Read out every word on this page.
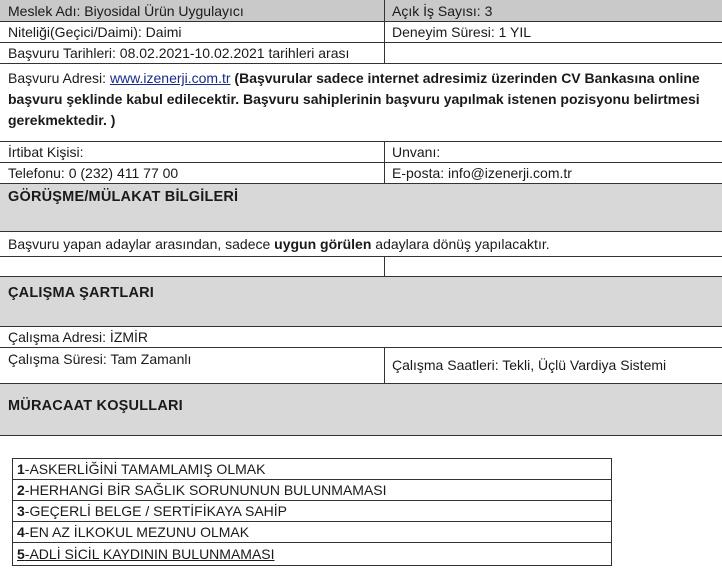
Meslek Adı: Biyosidal Ürün Uygulayıcı	Açık İş Sayısı: 3
Niteliği(Geçici/Daimi): Daimi	Deneyim Süresi: 1 YIL
Başvuru Tarihleri: 08.02.2021-10.02.2021 tarihleri arası
Başvuru Adresi: www.izenerji.com.tr (Başvurular sadece internet adresimiz üzerinden CV Bankasına online başvuru şeklinde kabul edilecektir. Başvuru sahiplerinin başvuru yapılmak istenen pozisyonu belirtmesi gerekmektedir. )
İrtibat Kişisi:	Unvanı:
Telefonu: 0 (232) 411 77 00	E-posta: info@izenerji.com.tr
GÖRÜŞME/MÜLAKAT BİLGİLERİ
Başvuru yapan adaylar arasından, sadece
uygun görülen
adaylara dönüş yapılacaktır.
ÇALIŞMA ŞARTLARI
Çalışma Adresi: İZMİR
Çalışma Süresi: Tam Zamanlı	Çalışma Saatleri: Tekli, Üçlü Vardiya Sistemi
MÜRACAAT KOŞULLARI
1 -ASKERLİĞİNİ TAMAMLAMIŞ OLMAK
2 -HERHANGİ BİR SAĞLIK SORUNUNUN BULUNMAMASI
3 -GEÇERLİ BELGE / SERTİFİKAYA SAHİP
4 -EN AZ İLKOKUL MEZUNU OLMAK
5 -ADLİ SİCİL KAYDININ BULUNMAMASI
